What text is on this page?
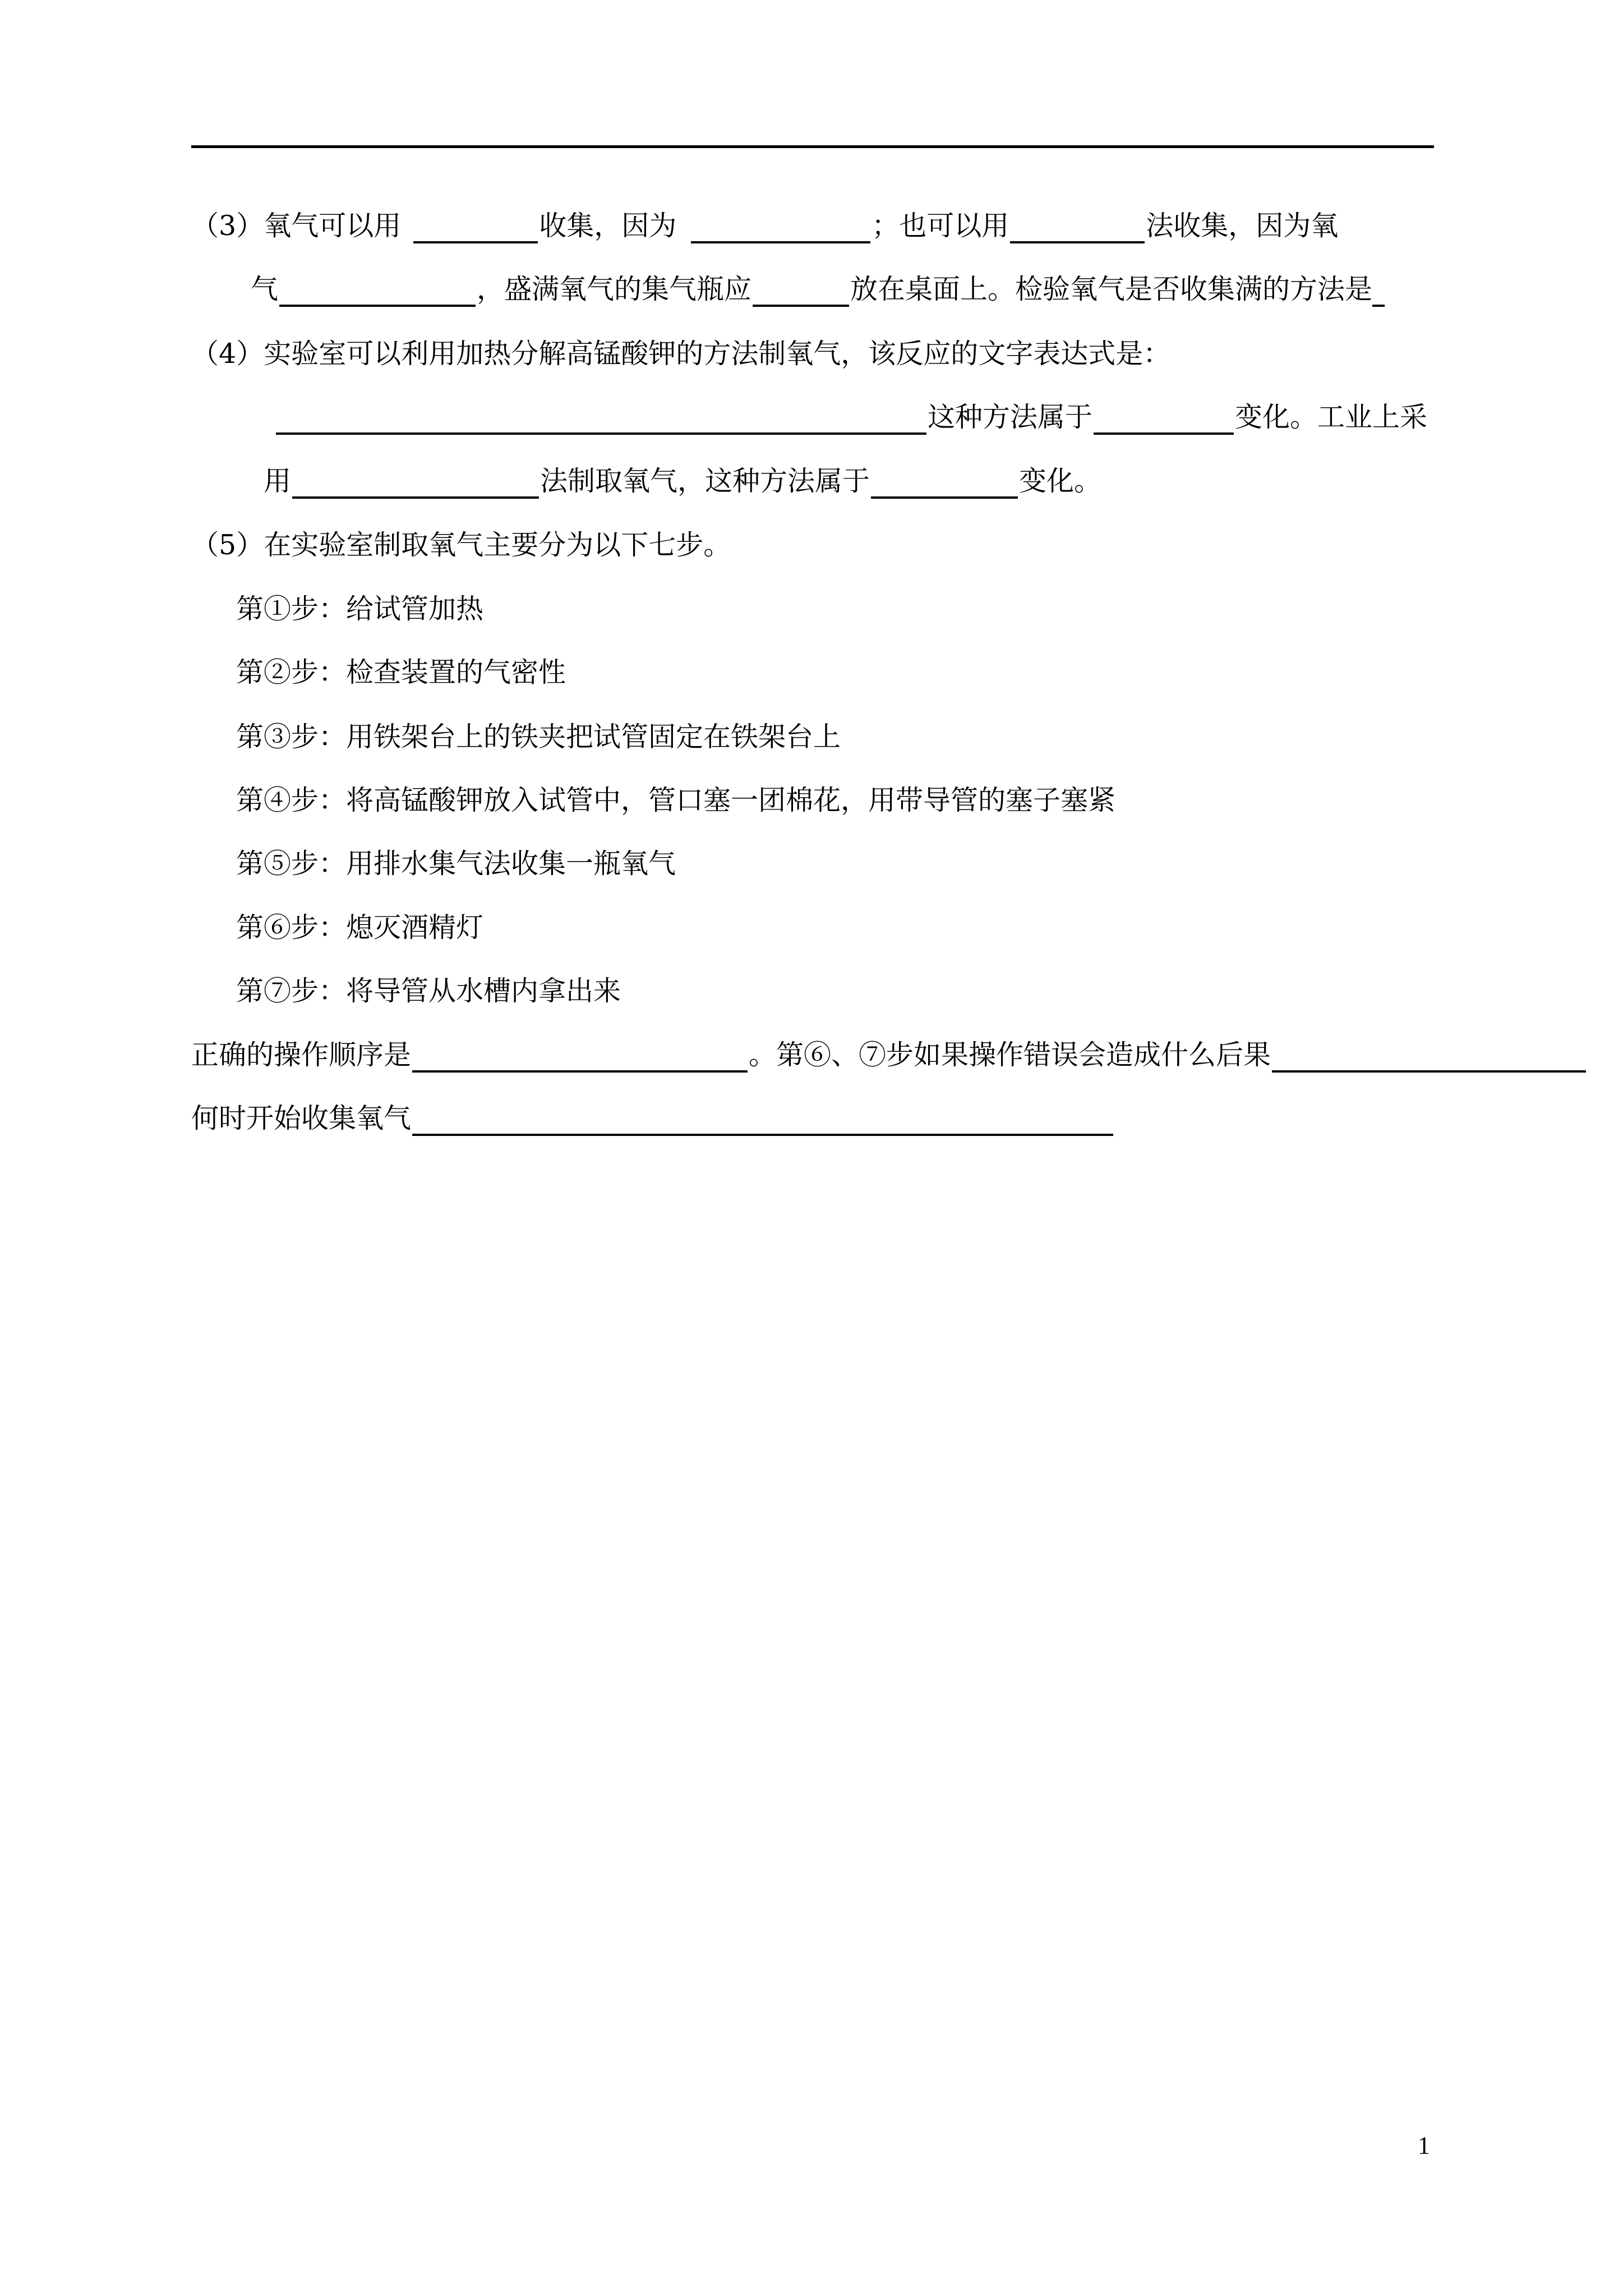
（3） 氧气可以用	收集，因为	；也可以用	法收集，因为氧
气	，盛满氧气的集气瓶应	放在桌面上。检验氧气是否收集满的方法是
（4） 实验室可以利用加热分解高锰酸钾的方法制氧气，该反应的文字表达式是：
这种方法属于	变化。工业上采
用	法制取氧气，这种方法属于	变化。
（5） 在实验室制取氧气主要分为以下七步。
第①步： 给试管加热
第②步： 检查装置的气密性
第③步： 用铁架台上的铁夹把试管固定在铁架台上
第④步： 将高锰酸钾放入试管中，管口塞一团棉花，用带导管的塞子塞紧
第⑤步： 用排水集气法收集一瓶氧气
第⑥步： 熄灭酒精灯
第⑦步： 将导管从水槽内拿出来
正确的操作顺序是	。第⑥、⑦步如果操作错误会造成什么后果
何时开始收集氧气
1
